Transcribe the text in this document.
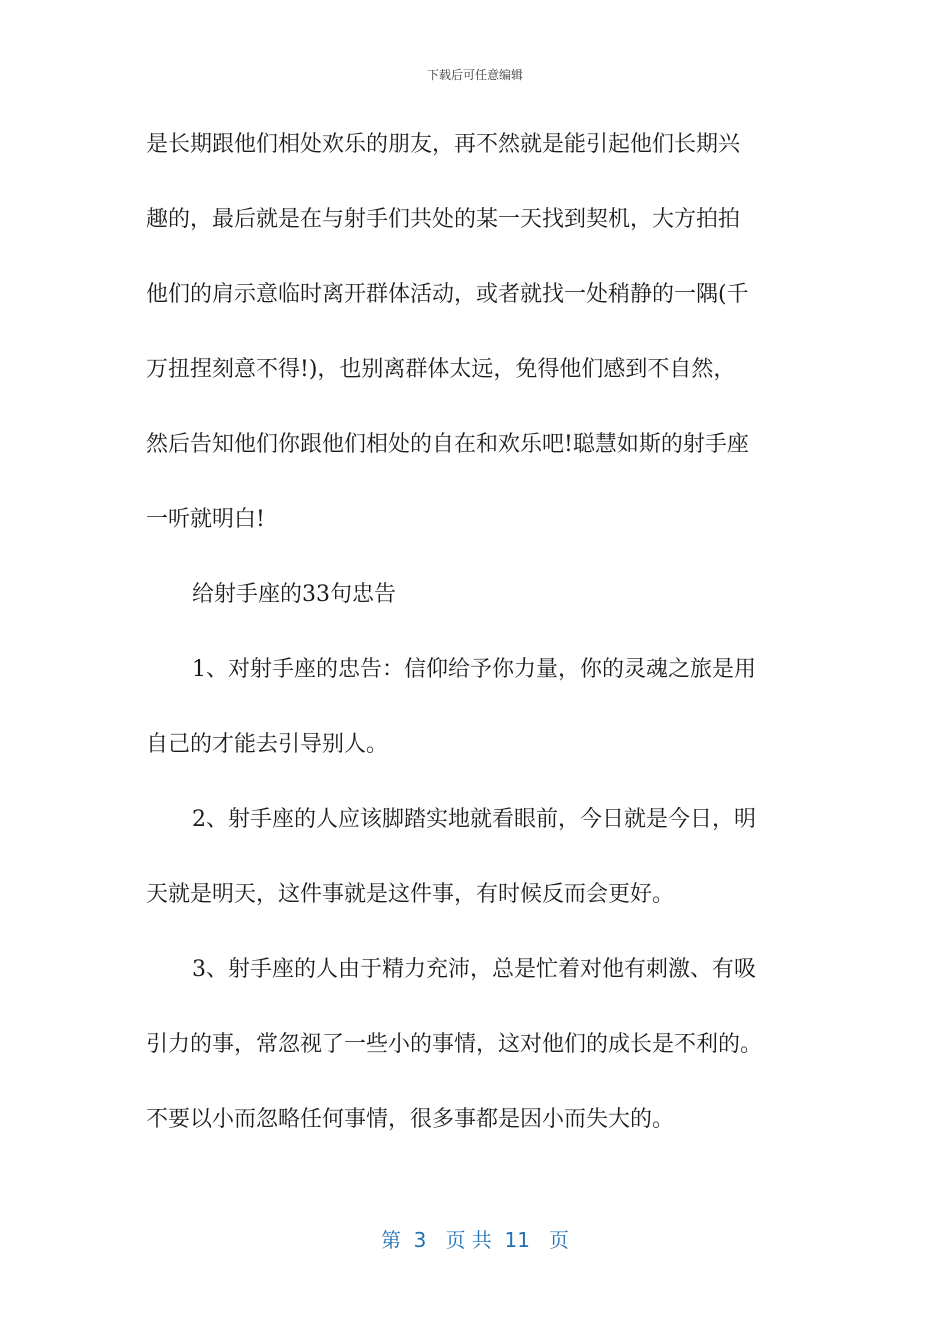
下载后可任意编辑
是长期跟他们相处欢乐的朋友，再不然就是能引起他们长期兴
趣的，最后就是在与射手们共处的某一天找到契机，大方拍拍
他们的肩示意临时离开群体活动，或者就找一处稍静的一隅(千
万扭捏刻意不得!)，也别离群体太远，免得他们感到不自然，
然后告知他们你跟他们相处的自在和欢乐吧!聪慧如斯的射手座
一听就明白!
给射手座的33句忠告
1、对射手座的忠告：信仰给予你力量，你的灵魂之旅是用
自己的才能去引导别人。
2、射手座的人应该脚踏实地就看眼前，今日就是今日，明
天就是明天，这件事就是这件事，有时候反而会更好。
3、射手座的人由于精力充沛，总是忙着对他有刺激、有吸
引力的事，常忽视了一些小的事情，这对他们的成长是不利的。
不要以小而忽略任何事情，很多事都是因小而失大的。
第  3   页 共  11   页
